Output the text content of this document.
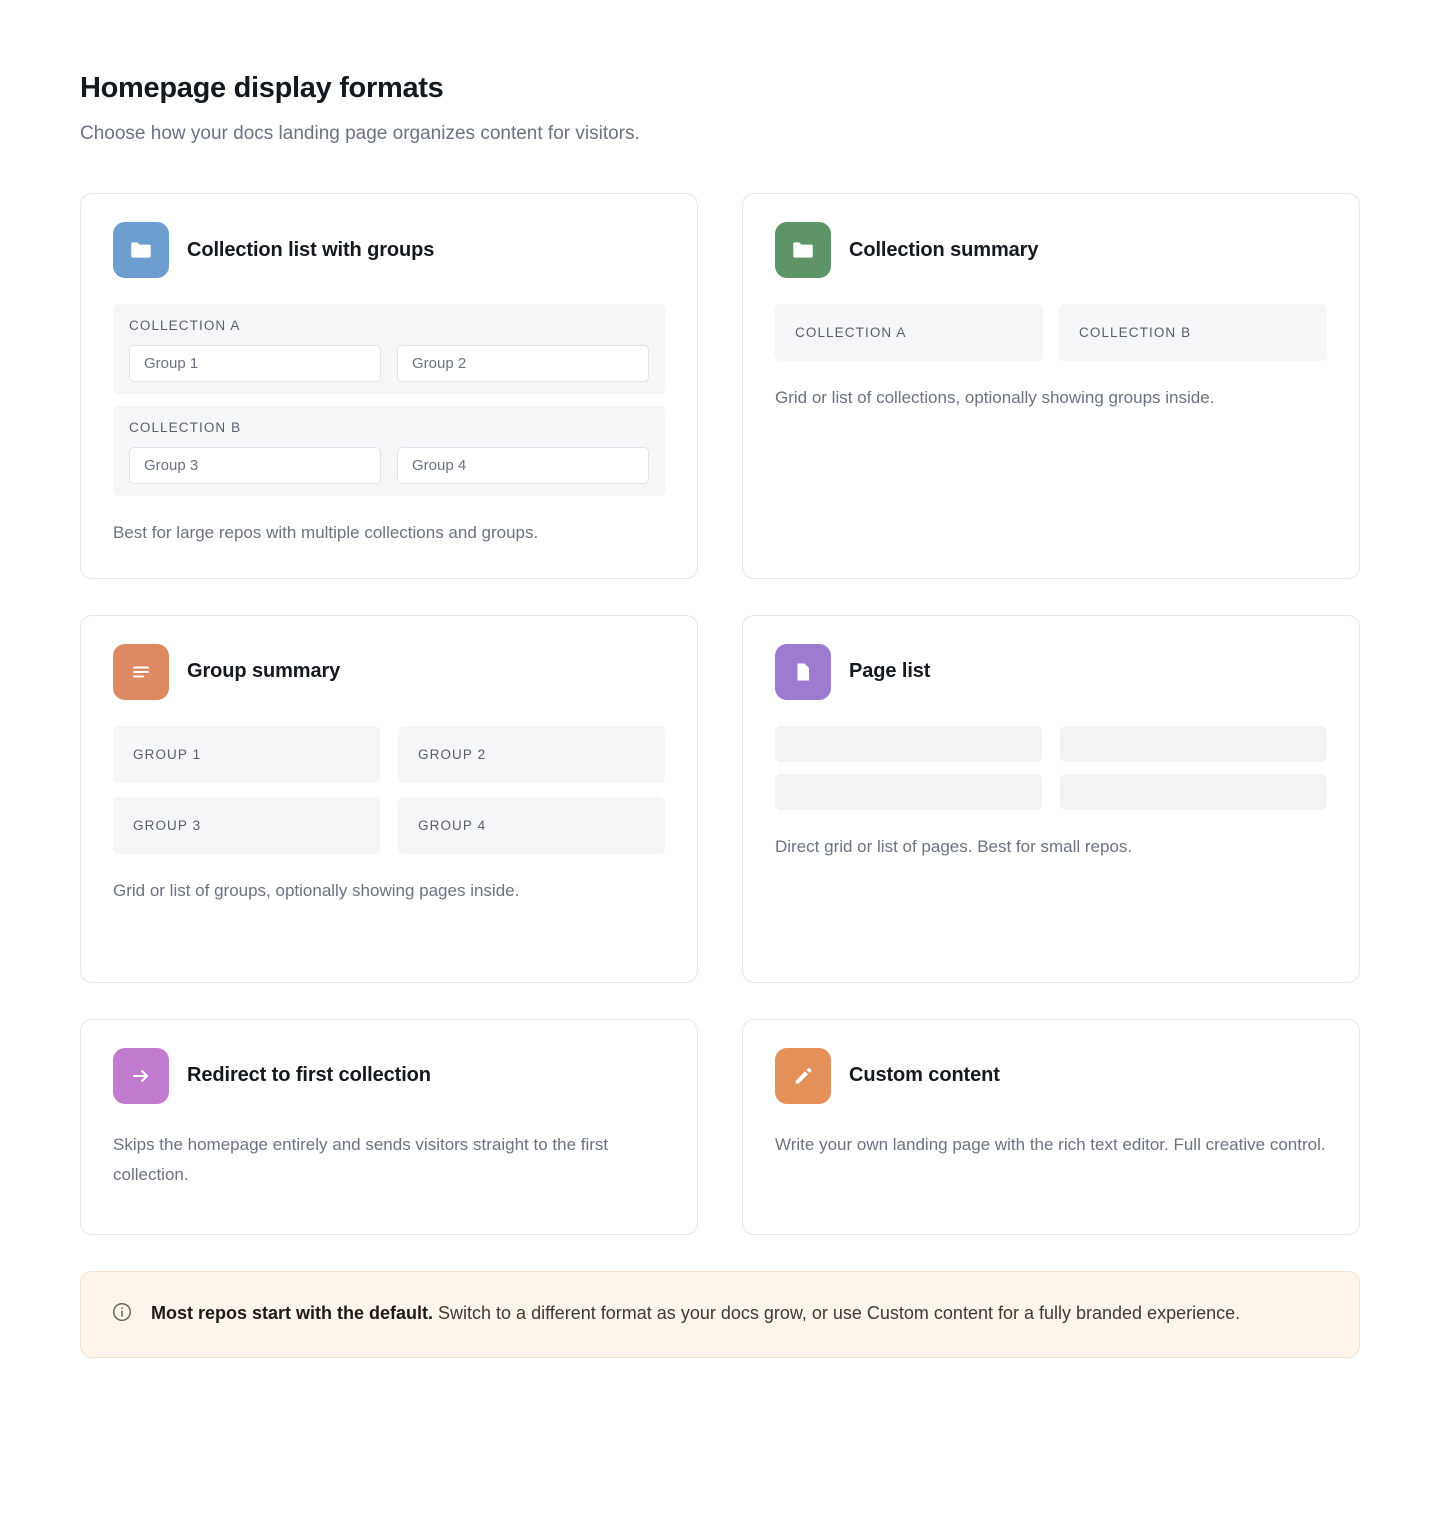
Homepage display formats

Choose how your docs landing page organizes content for visitors.

Collection list with groups
COLLECTION A
Group 1	Group 2
COLLECTION B
Group 3	Group 4
Best for large repos with multiple collections and groups.
Collection summary
COLLECTION A	COLLECTION B
Grid or list of collections, optionally showing groups inside.
Group summary
GROUP 1	GROUP 2
GROUP 3	GROUP 4
Grid or list of groups, optionally showing pages inside.
Page list
Direct grid or list of pages. Best for small repos.
Redirect to first collection
Skips the homepage entirely and sends visitors straight to the first collection.
Custom content
Write your own landing page with the rich text editor. Full creative control.
Most repos start with the default. Switch to a different format as your docs grow, or use Custom content for a fully branded experience.
